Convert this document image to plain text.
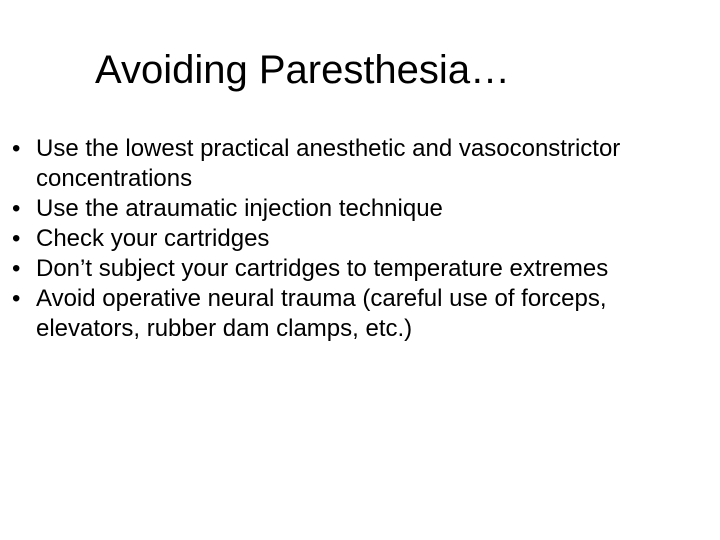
Avoiding Paresthesia…
• Use the lowest practical anesthetic and vasoconstrictor concentrations
• Use the atraumatic injection technique
• Check your cartridges
• Don’t subject your cartridges to temperature extremes
• Avoid operative neural trauma (careful use of forceps, elevators, rubber dam clamps, etc.)
